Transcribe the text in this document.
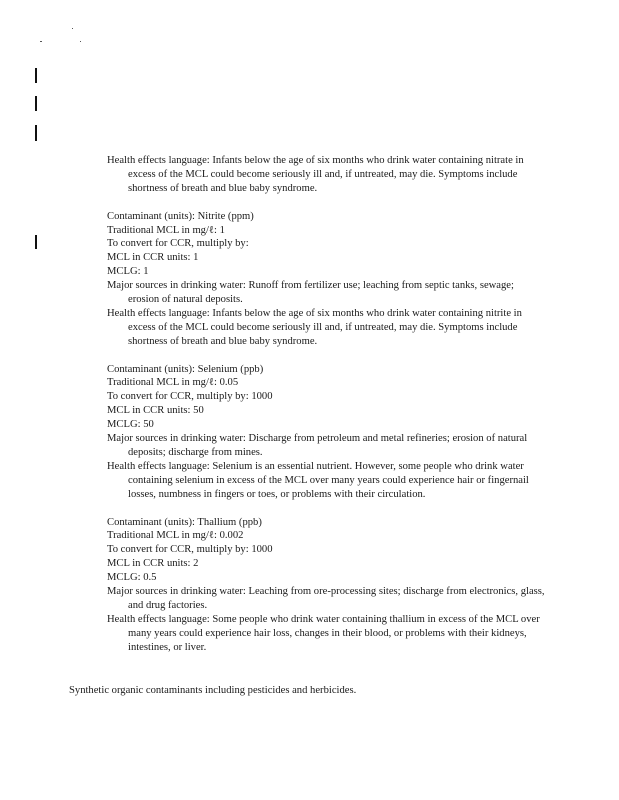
Health effects language: Infants below the age of six months who drink water containing nitrate in excess of the MCL could become seriously ill and, if untreated, may die. Symptoms include shortness of breath and blue baby syndrome.
Contaminant (units): Nitrite (ppm)
Traditional MCL in mg/ℓ: 1
To convert for CCR, multiply by:
MCL in CCR units: 1
MCLG: 1
Major sources in drinking water: Runoff from fertilizer use; leaching from septic tanks, sewage; erosion of natural deposits.
Health effects language: Infants below the age of six months who drink water containing nitrite in excess of the MCL could become seriously ill and, if untreated, may die. Symptoms include shortness of breath and blue baby syndrome.
Contaminant (units): Selenium (ppb)
Traditional MCL in mg/ℓ: 0.05
To convert for CCR, multiply by: 1000
MCL in CCR units: 50
MCLG: 50
Major sources in drinking water: Discharge from petroleum and metal refineries; erosion of natural deposits; discharge from mines.
Health effects language: Selenium is an essential nutrient. However, some people who drink water containing selenium in excess of the MCL over many years could experience hair or fingernail losses, numbness in fingers or toes, or problems with their circulation.
Contaminant (units): Thallium (ppb)
Traditional MCL in mg/ℓ: 0.002
To convert for CCR, multiply by: 1000
MCL in CCR units: 2
MCLG: 0.5
Major sources in drinking water: Leaching from ore-processing sites; discharge from electronics, glass, and drug factories.
Health effects language: Some people who drink water containing thallium in excess of the MCL over many years could experience hair loss, changes in their blood, or problems with their kidneys, intestines, or liver.
Synthetic organic contaminants including pesticides and herbicides.
